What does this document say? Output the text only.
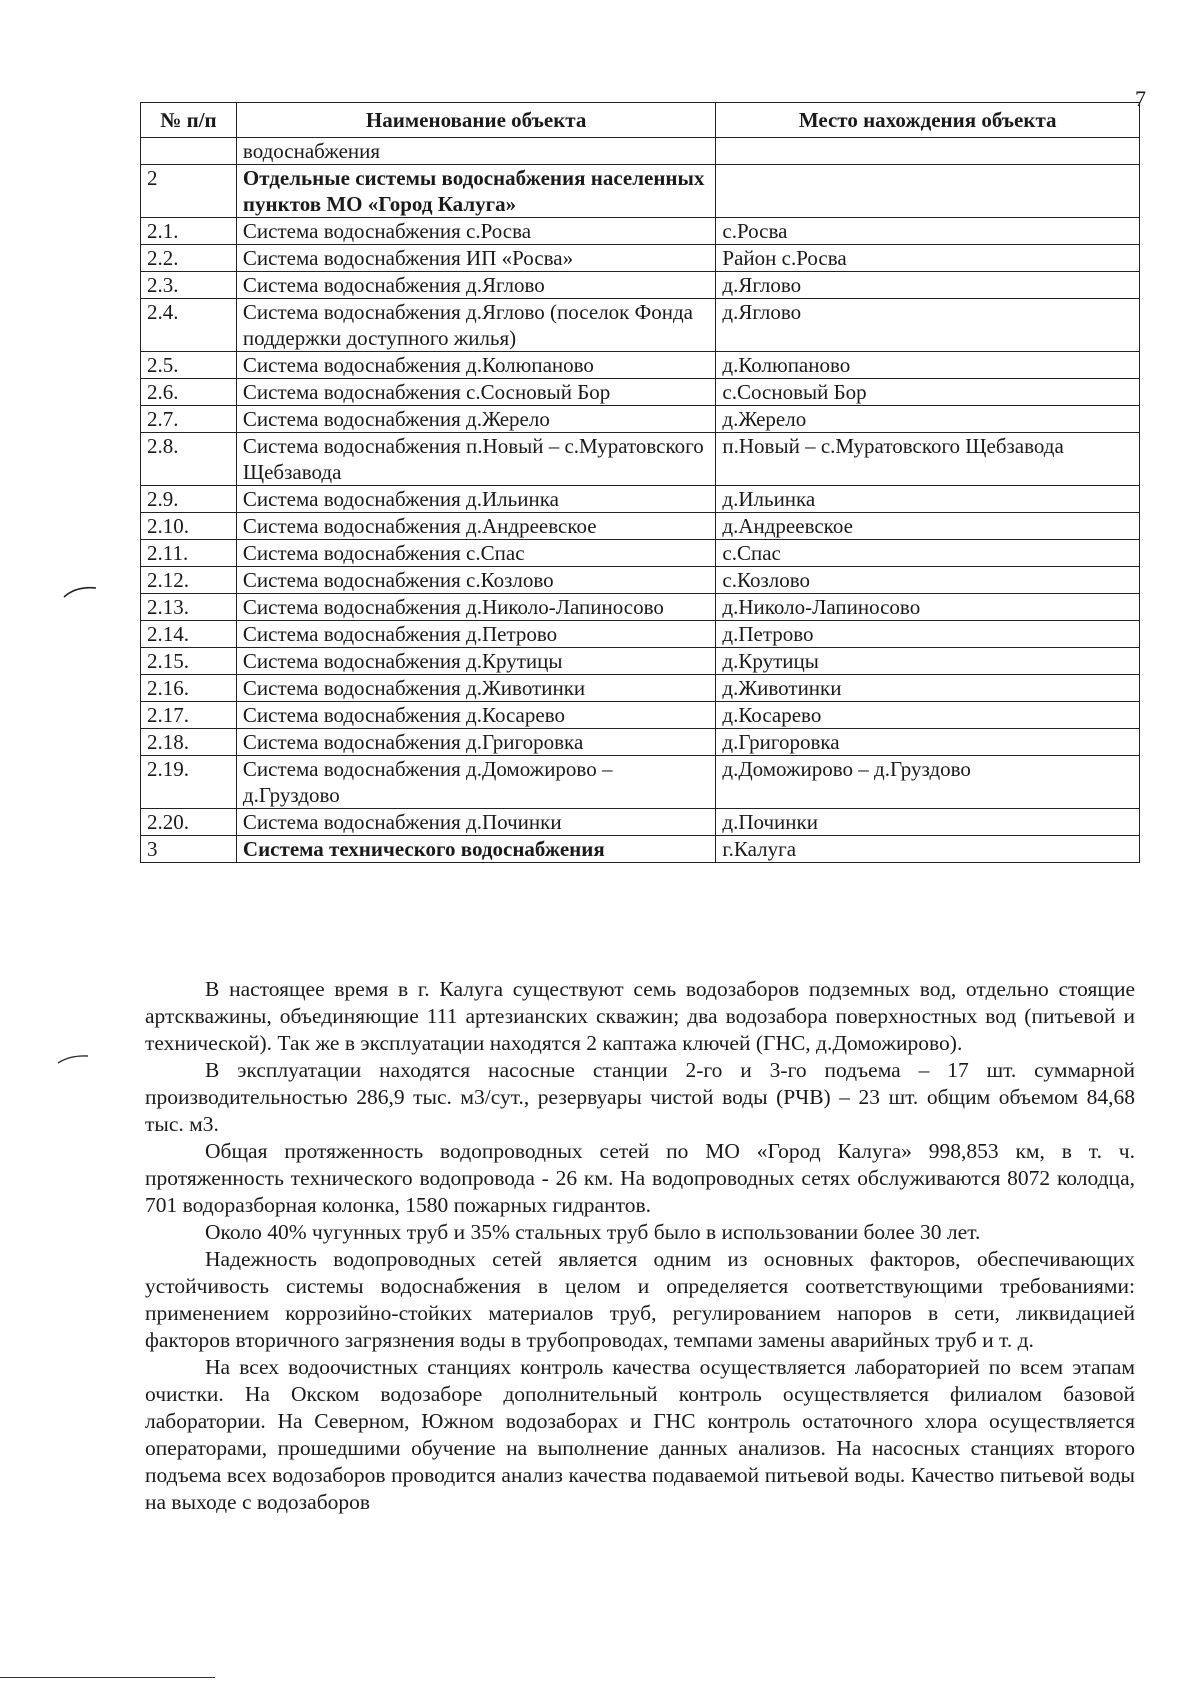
7
№ п/п	Наименование объекта	Место нахождения объекта
	водоснабжения	
2	Отдельные системы водоснабжения населенных пунктов МО «Город Калуга»	
2.1.	Система водоснабжения с.Росва	с.Росва
2.2.	Система водоснабжения ИП «Росва»	Район с.Росва
2.3.	Система водоснабжения д.Яглово	д.Яглово
2.4.	Система водоснабжения д.Яглово (поселок Фонда поддержки доступного жилья)	д.Яглово
2.5.	Система водоснабжения д.Колюпаново	д.Колюпаново
2.6.	Система водоснабжения с.Сосновый Бор	с.Сосновый Бор
2.7.	Система водоснабжения д.Жерело	д.Жерело
2.8.	Система водоснабжения п.Новый – с.Муратовского Щебзавода	п.Новый – с.Муратовского Щебзавода
2.9.	Система водоснабжения д.Ильинка	д.Ильинка
2.10.	Система водоснабжения д.Андреевское	д.Андреевское
2.11.	Система водоснабжения с.Спас	с.Спас
2.12.	Система водоснабжения с.Козлово	с.Козлово
2.13.	Система водоснабжения д.Николо-Лапиносово	д.Николо-Лапиносово
2.14.	Система водоснабжения д.Петрово	д.Петрово
2.15.	Система водоснабжения д.Крутицы	д.Крутицы
2.16.	Система водоснабжения д.Животинки	д.Животинки
2.17.	Система водоснабжения д.Косарево	д.Косарево
2.18.	Система водоснабжения д.Григоровка	д.Григоровка
2.19.	Система водоснабжения д.Доможирово – д.Груздово	д.Доможирово – д.Груздово
2.20.	Система водоснабжения д.Починки	д.Починки
3	Система технического водоснабжения	г.Калуга

В настоящее время в г. Калуга существуют семь водозаборов подземных вод, отдельно стоящие артскважины, объединяющие 111 артезианских скважин; два водозабора поверхностных вод (питьевой и технической). Так же в эксплуатации находятся 2 каптажа ключей (ГНС, д.Доможирово).

В эксплуатации находятся насосные станции 2-го и 3-го подъема – 17 шт. суммарной производительностью 286,9 тыс. м3/сут., резервуары чистой воды (РЧВ) – 23 шт. общим объемом 84,68 тыс. м3.

Общая протяженность водопроводных сетей по МО «Город Калуга» 998,853 км, в т. ч. протяженность технического водопровода - 26 км. На водопроводных сетях обслуживаются 8072 колодца, 701 водоразборная колонка, 1580 пожарных гидрантов.

Около 40% чугунных труб и 35% стальных труб было в использовании более 30 лет.

Надежность водопроводных сетей является одним из основных факторов, обеспечивающих устойчивость системы водоснабжения в целом и определяется соответствующими требованиями: применением коррозийно-стойких материалов труб, регулированием напоров в сети, ликвидацией факторов вторичного загрязнения воды в трубопроводах, темпами замены аварийных труб и т. д.

На всех водоочистных станциях контроль качества осуществляется лабораторией по всем этапам очистки. На Окском водозаборе дополнительный контроль осуществляется филиалом базовой лаборатории. На Северном, Южном водозаборах и ГНС контроль остаточного хлора осуществляется операторами, прошедшими обучение на выполнение данных анализов. На насосных станциях второго подъема всех водозаборов проводится анализ качества подаваемой питьевой воды. Качество питьевой воды на выходе с водозаборов
